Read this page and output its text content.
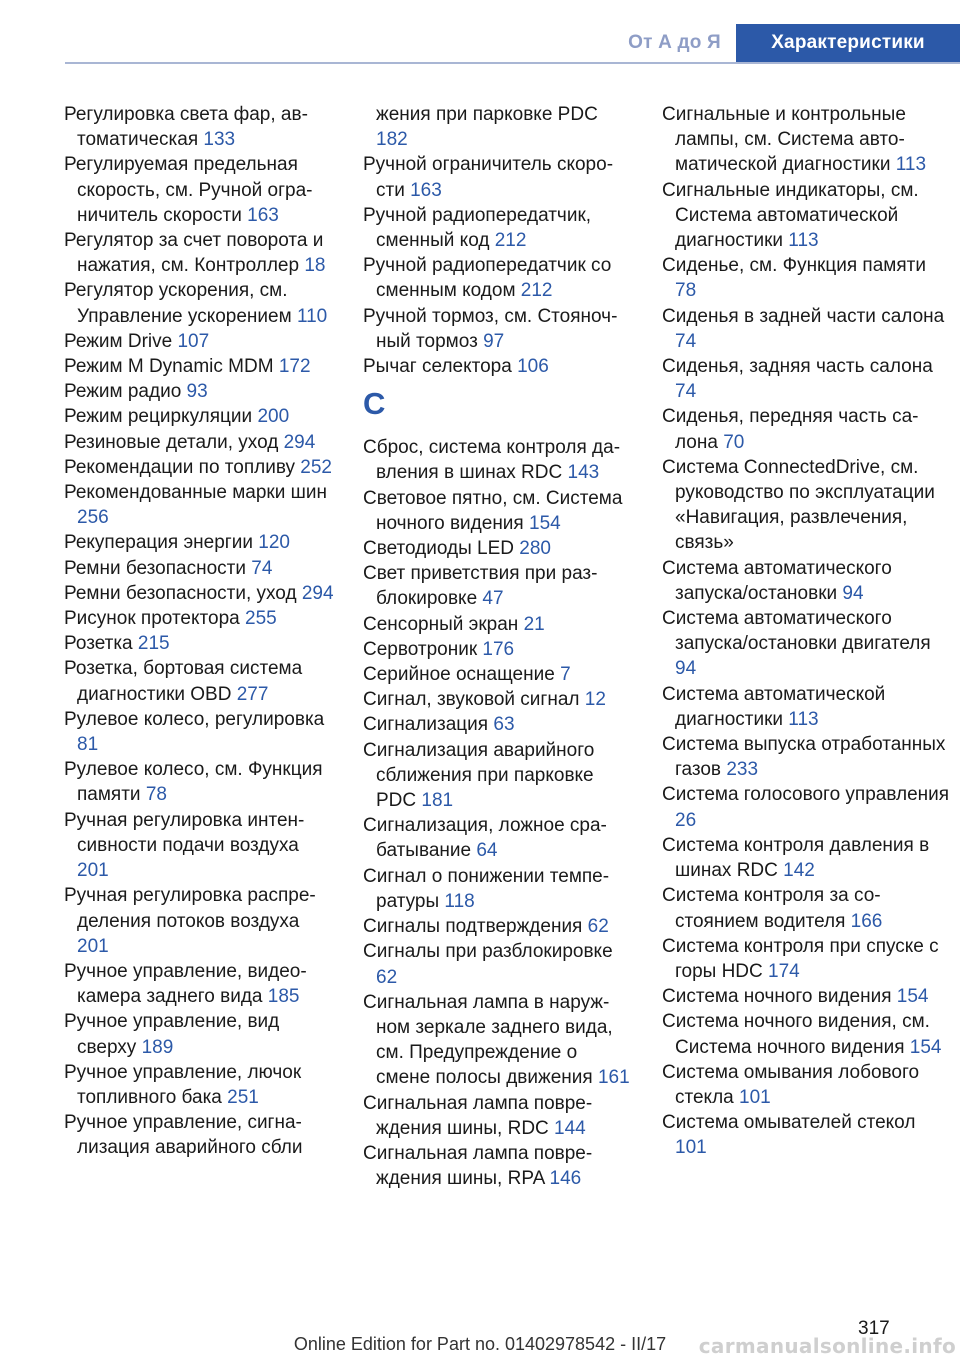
От А до Я	Характеристики
Регулировка света фар, автоматическая 133
Регулируемая предельная скорость, см. Ручной ограничитель скорости 163
Регулятор за счет поворота и нажатия, см. Контроллер 18
Регулятор ускорения, см. Управление ускорением 110
Режим Drive 107
Режим M Dynamic MDM 172
Режим радио 93
Режим рециркуляции 200
Резиновые детали, уход 294
Рекомендации по топливу 252
Рекомендованные марки шин 256
Рекуперация энергии 120
Ремни безопасности 74
Ремни безопасности, уход 294
Рисунок протектора 255
Розетка 215
Розетка, бортовая система диагностики OBD 277
Рулевое колесо, регулировка 81
Рулевое колесо, см. Функция памяти 78
Ручная регулировка интенсивности подачи воздуха 201
Ручная регулировка распределения потоков воздуха 201
Ручное управление, видеокамера заднего вида 185
Ручное управление, вид сверху 189
Ручное управление, лючок топливного бака 251
Ручное управление, сигнализация аварийного сбли
жения при парковке PDC 182
Ручной ограничитель скорости 163
Ручной радиопередатчик, сменный код 212
Ручной радиопередатчик со сменным кодом 212
Ручной тормоз, см. Стояночный тормоз 97
Рычаг селектора 106
С
Сброс, система контроля давления в шинах RDC 143
Световое пятно, см. Система ночного видения 154
Светодиоды LED 280
Свет приветствия при разблокировке 47
Сенсорный экран 21
Сервотроник 176
Серийное оснащение 7
Сигнал, звуковой сигнал 12
Сигнализация 63
Сигнализация аварийного сближения при парковке PDC 181
Сигнализация, ложное срабатывание 64
Сигнал о понижении температуры 118
Сигналы подтверждения 62
Сигналы при разблокировке 62
Сигнальная лампа в наружном зеркале заднего вида, см. Предупреждение о смене полосы движения 161
Сигнальная лампа повреждения шины, RDC 144
Сигнальная лампа повреждения шины, RPA 146
Сигнальные и контрольные лампы, см. Система автоматической диагностики 113
Сигнальные индикаторы, см. Система автоматической диагностики 113
Сиденье, см. Функция памяти 78
Сиденья в задней части салона 74
Сиденья, задняя часть салона 74
Сиденья, передняя часть салона 70
Система ConnectedDrive, см. руководство по эксплуатации «Навигация, развлечения, связь»
Система автоматического запуска/остановки 94
Система автоматического запуска/остановки двигателя 94
Система автоматической диагностики 113
Система выпуска отработанных газов 233
Система голосового управления 26
Система контроля давления в шинах RDC 142
Система контроля за состоянием водителя 166
Система контроля при спуске с горы HDC 174
Система ночного видения 154
Система ночного видения, см. Система ночного видения 154
Система омывания лобового стекла 101
Система омывателей стекол 101
317
Online Edition for Part no. 01402978542 - II/17	carmanualsonline.info
